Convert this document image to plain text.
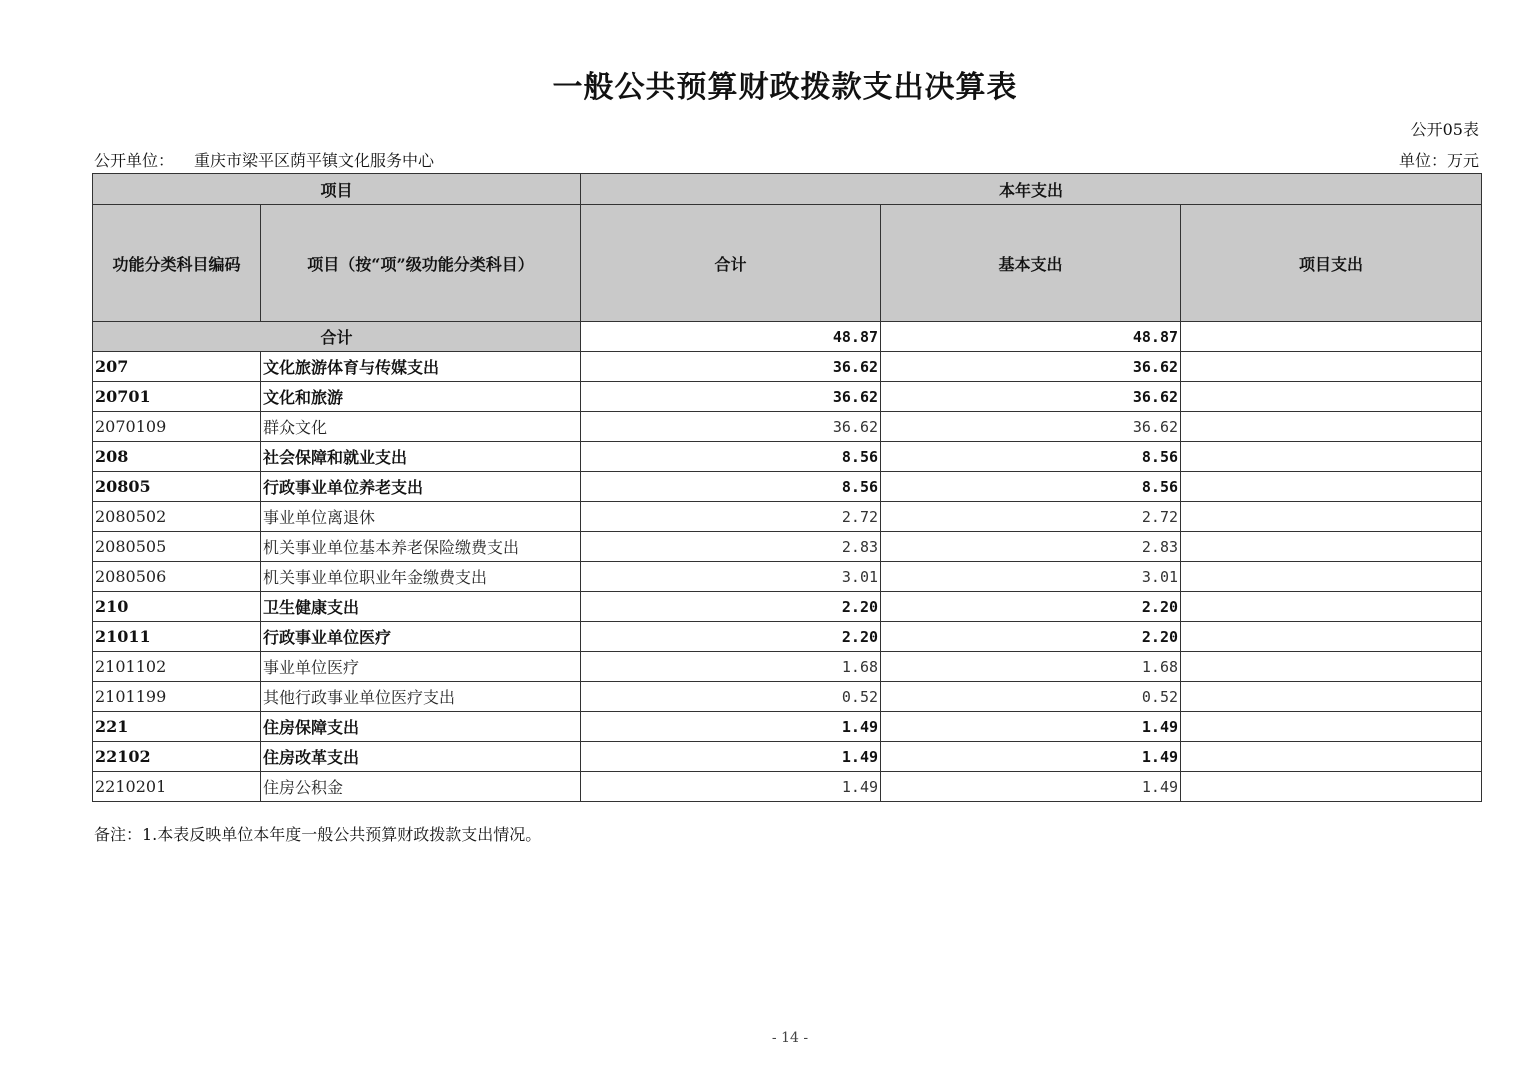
一般公共预算财政拨款支出决算表
公开05表
公开单位： 重庆市梁平区荫平镇文化服务中心	单位：万元
项目		本年支出		
功能分类科目编码	项目（按“项”级功能分类科目）	合计	基本支出	项目支出
合计		48.87	48.87	
207	文化旅游体育与传媒支出	36.62	36.62	
20701	文化和旅游	36.62	36.62	
2070109	群众文化	36.62	36.62	
208	社会保障和就业支出	8.56	8.56	
20805	行政事业单位养老支出	8.56	8.56	
2080502	事业单位离退休	2.72	2.72	
2080505	机关事业单位基本养老保险缴费支出	2.83	2.83	
2080506	机关事业单位职业年金缴费支出	3.01	3.01	
210	卫生健康支出	2.20	2.20	
21011	行政事业单位医疗	2.20	2.20	
2101102	事业单位医疗	1.68	1.68	
2101199	其他行政事业单位医疗支出	0.52	0.52	
221	住房保障支出	1.49	1.49	
22102	住房改革支出	1.49	1.49	
2210201	住房公积金	1.49	1.49	
备注：1.本表反映单位本年度一般公共预算财政拨款支出情况。
- 14 -
